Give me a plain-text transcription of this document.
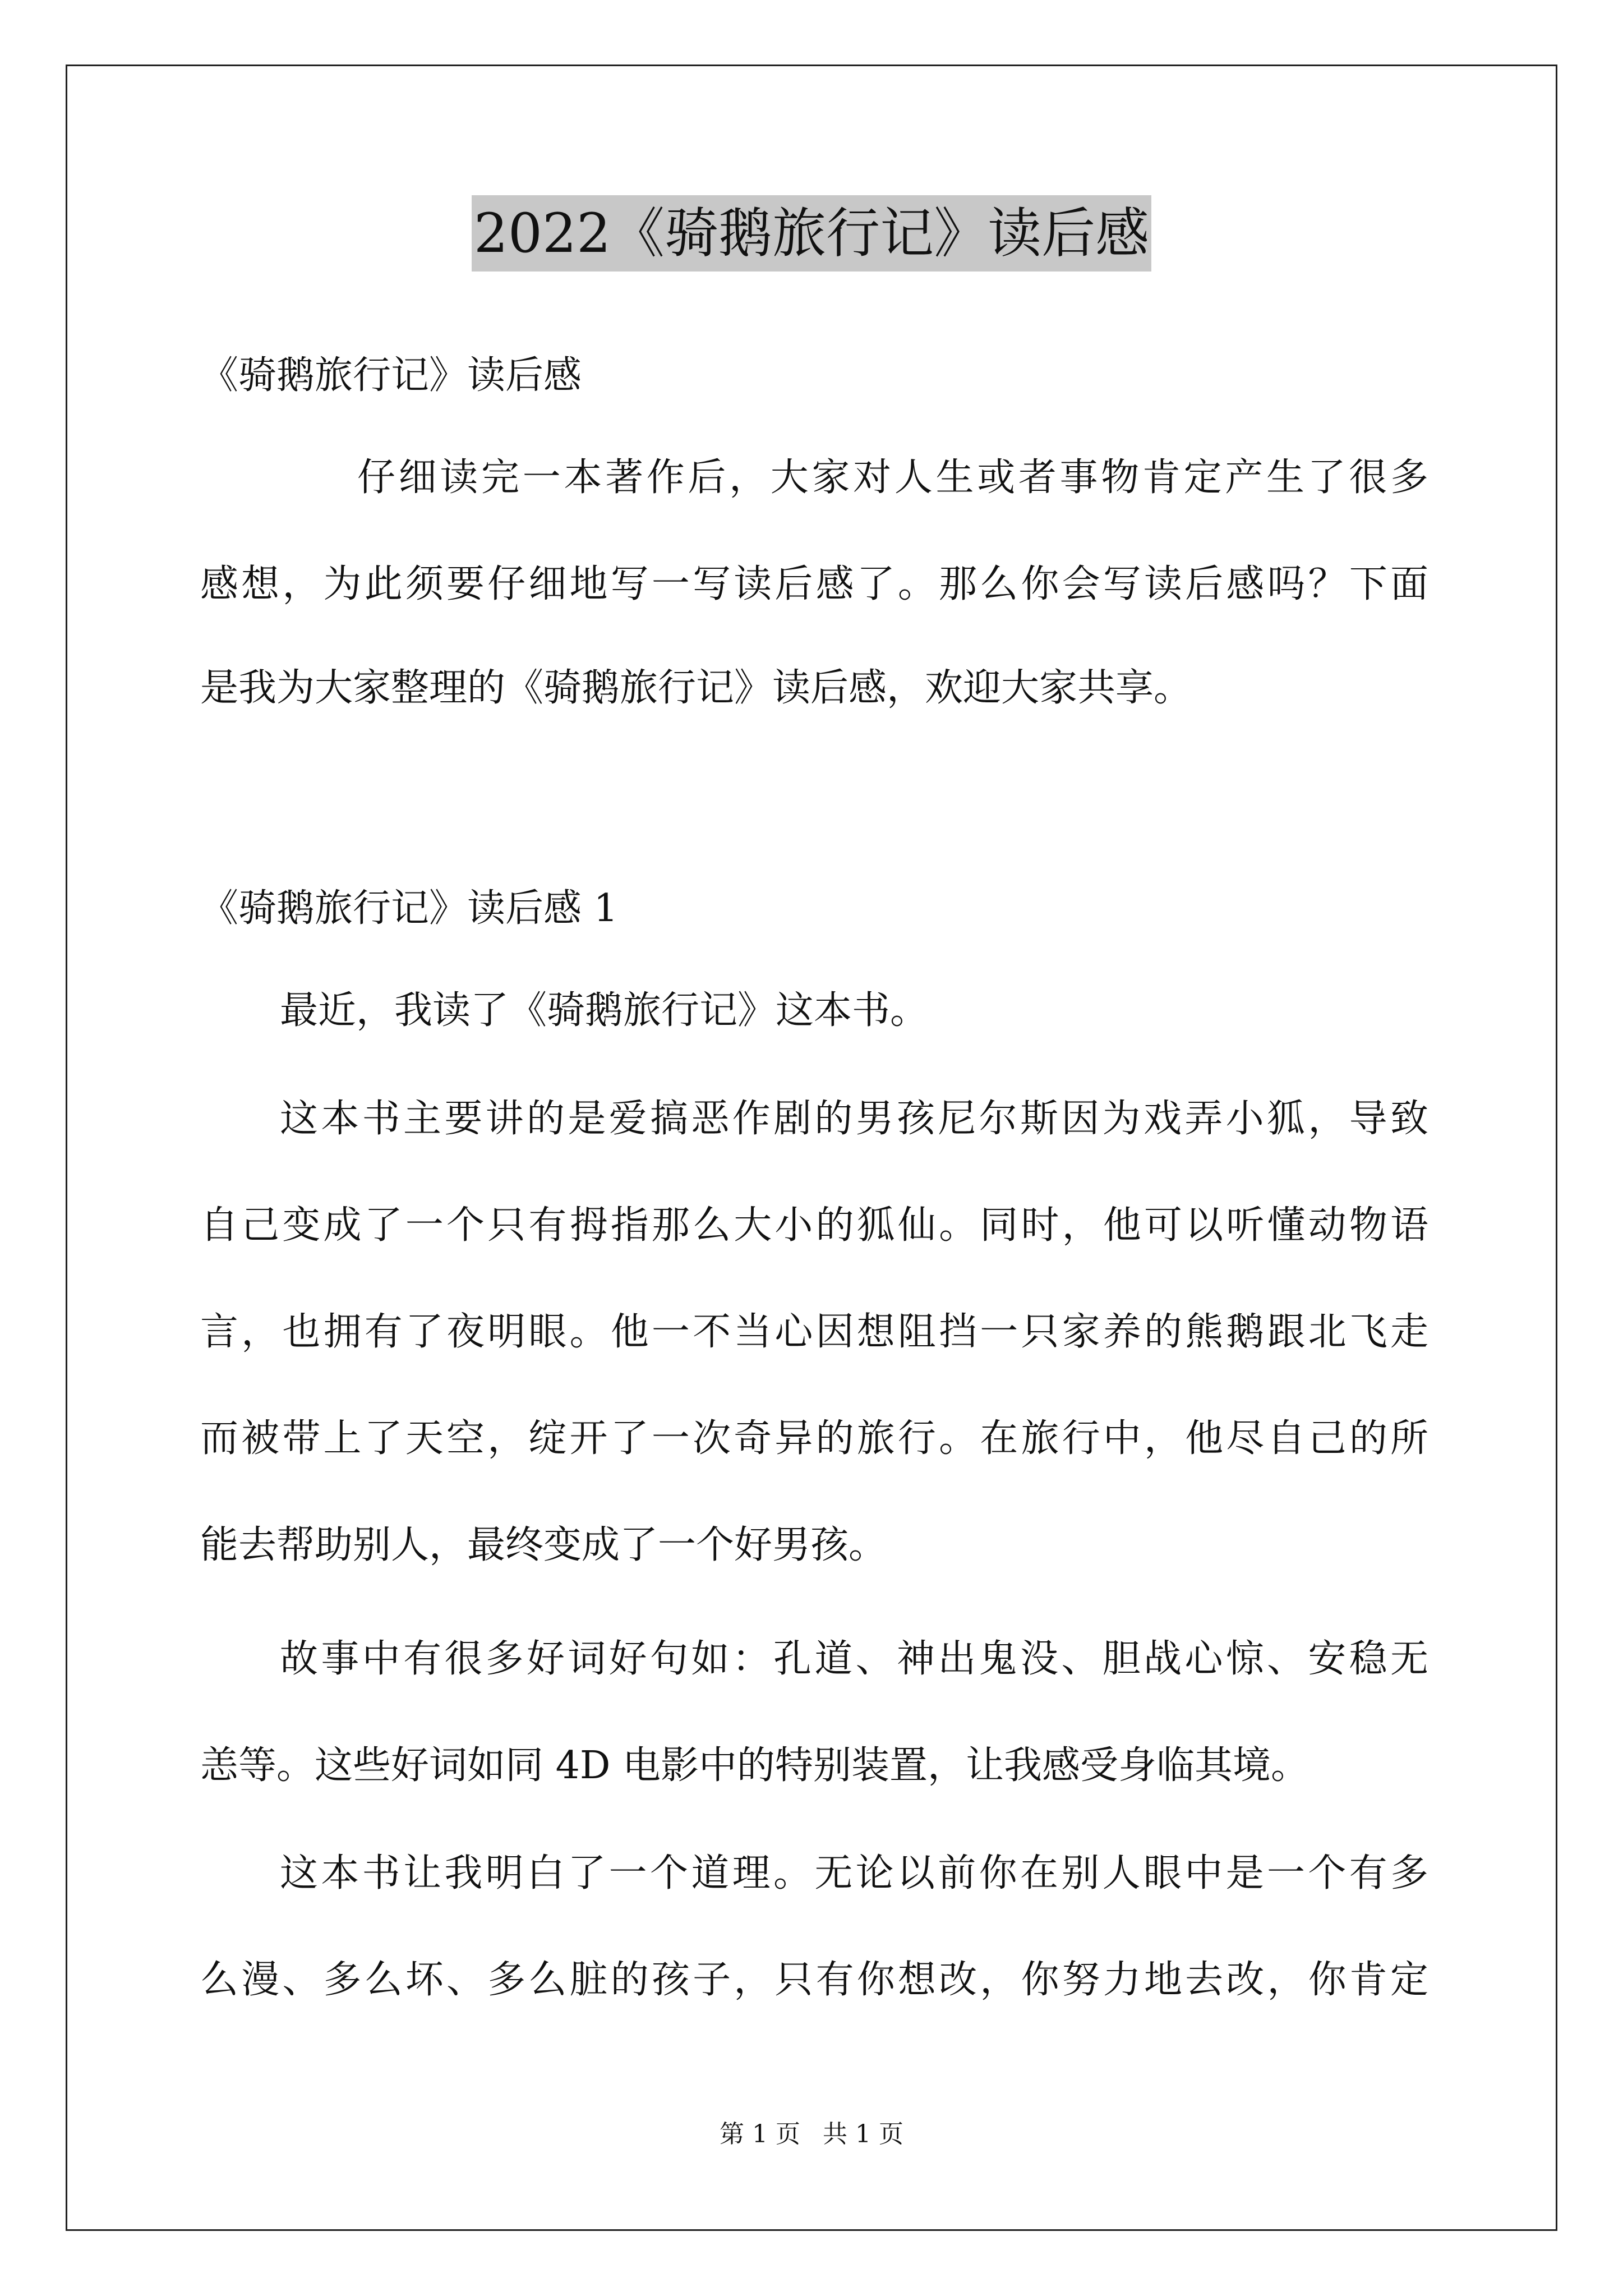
2022《骑鹅旅行记》读后感
《骑鹅旅行记》读后感
仔细读完一本著作后，大家对人生或者事物肯定产生了很多
感想，为此须要仔细地写一写读后感了。那么你会写读后感吗？下面
是我为大家整理的《骑鹅旅行记》读后感，欢迎大家共享。
《骑鹅旅行记》读后感 1
最近，我读了《骑鹅旅行记》这本书。
这本书主要讲的是爱搞恶作剧的男孩尼尔斯因为戏弄小狐，导致
自己变成了一个只有拇指那么大小的狐仙。同时，他可以听懂动物语
言，也拥有了夜明眼。他一不当心因想阻挡一只家养的熊鹅跟北飞走
而被带上了天空，绽开了一次奇异的旅行。在旅行中，他尽自己的所
能去帮助别人，最终变成了一个好男孩。
故事中有很多好词好句如：孔道、神出鬼没、胆战心惊、安稳无
恙等。这些好词如同 4D 电影中的特别装置，让我感受身临其境。
这本书让我明白了一个道理。无论以前你在别人眼中是一个有多
么漫、多么坏、多么脏的孩子，只有你想改，你努力地去改，你肯定
第 1 页 共 1 页
